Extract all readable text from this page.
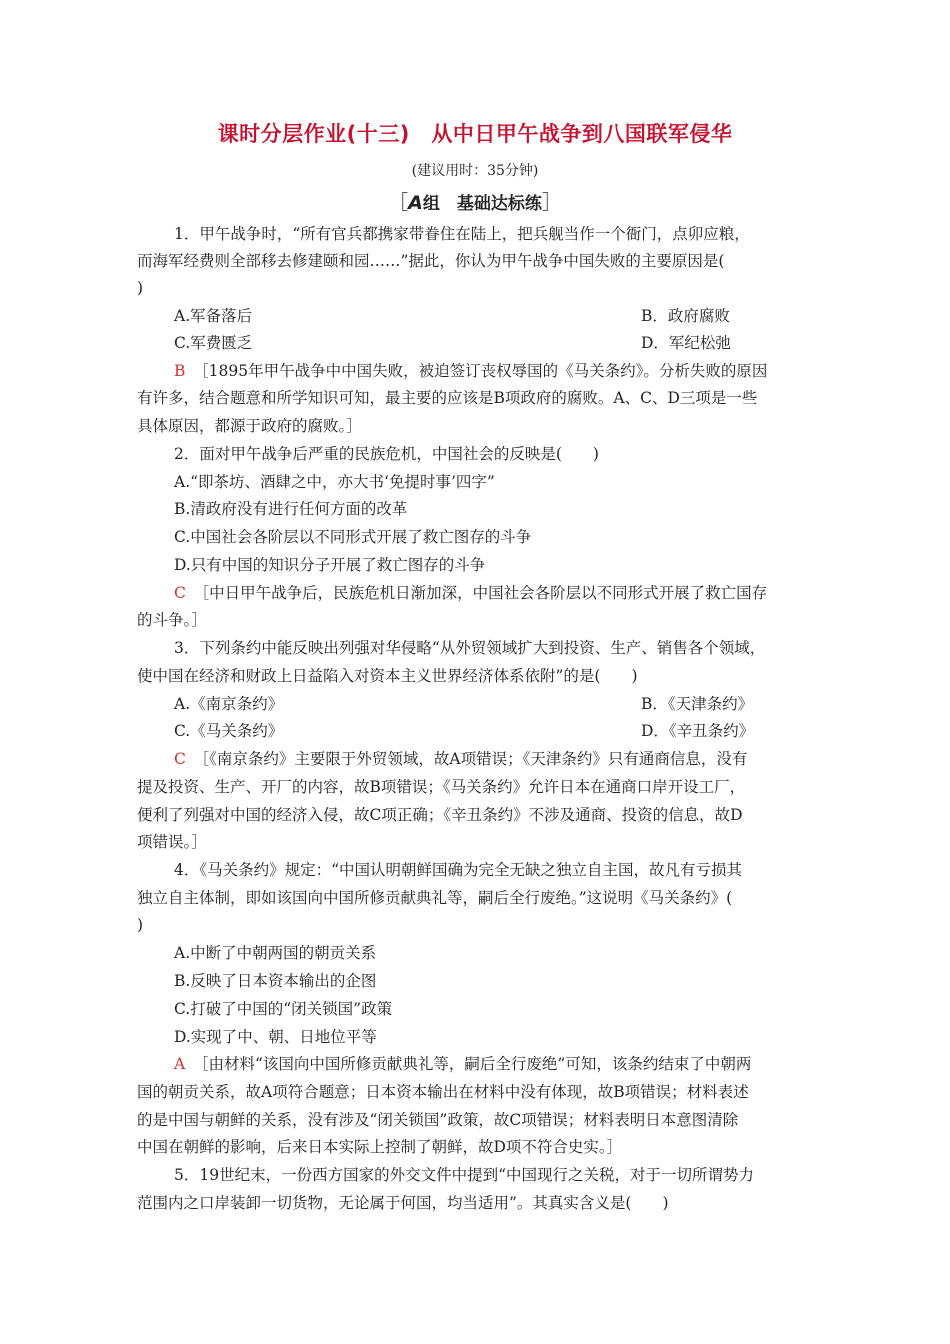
课时分层作业(十三)　从中日甲午战争到八国联军侵华
(建议用时：35分钟)
［A组　基础达标练］
1．甲午战争时，“所有官兵都携家带眷住在陆上，把兵舰当作一个衙门，点卯应粮，
而海军经费则全部移去修建颐和园……”据此，你认为甲午战争中国失败的主要原因是(
)
A.军备落后	B．政府腐败
C.军费匮乏	D．军纪松弛
B　 ［1895年甲午战争中中国失败，被迫签订丧权辱国的《马关条约》。分析失败的原因
有许多，结合题意和所学知识可知，最主要的应该是B项政府的腐败。A、C、D三项是一些
具体原因，都源于政府的腐败。］
2．面对甲午战争后严重的民族危机，中国社会的反映是(　　)
A.“即茶坊、酒肆之中，亦大书‘免提时事’四字”
B.清政府没有进行任何方面的改革
C.中国社会各阶层以不同形式开展了救亡图存的斗争
D.只有中国的知识分子开展了救亡图存的斗争
C　 ［中日甲午战争后，民族危机日渐加深，中国社会各阶层以不同形式开展了救亡国存
的斗争。］
3．下列条约中能反映出列强对华侵略“从外贸领域扩大到投资、生产、销售各个领域，
使中国在经济和财政上日益陷入对资本主义世界经济体系依附”的是(　　)
A.《南京条约》	B．《天津条约》
C.《马关条约》	D．《辛丑条约》
C　 ［《南京条约》主要限于外贸领域，故A项错误；《天津条约》只有通商信息，没有
提及投资、生产、开厂的内容，故B项错误；《马关条约》允许日本在通商口岸开设工厂，
便利了列强对中国的经济入侵，故C项正确；《辛丑条约》不涉及通商、投资的信息，故D
项错误。］
4．《马关条约》规定：“中国认明朝鲜国确为完全无缺之独立自主国，故凡有亏损其
独立自主体制，即如该国向中国所修贡献典礼等，嗣后全行废绝。”这说明《马关条约》(
)
A.中断了中朝两国的朝贡关系
B.反映了日本资本输出的企图
C.打破了中国的“闭关锁国”政策
D.实现了中、朝、日地位平等
A　 ［由材料“该国向中国所修贡献典礼等，嗣后全行废绝”可知，该条约结束了中朝两
国的朝贡关系，故A项符合题意；日本资本输出在材料中没有体现，故B项错误；材料表述
的是中国与朝鲜的关系，没有涉及“闭关锁国”政策，故C项错误；材料表明日本意图清除
中国在朝鲜的影响，后来日本实际上控制了朝鲜，故D项不符合史实。］
5．19世纪末，一份西方国家的外交文件中提到“中国现行之关税，对于一切所谓势力
范围内之口岸装卸一切货物，无论属于何国，均当适用”。其真实含义是(　　)
